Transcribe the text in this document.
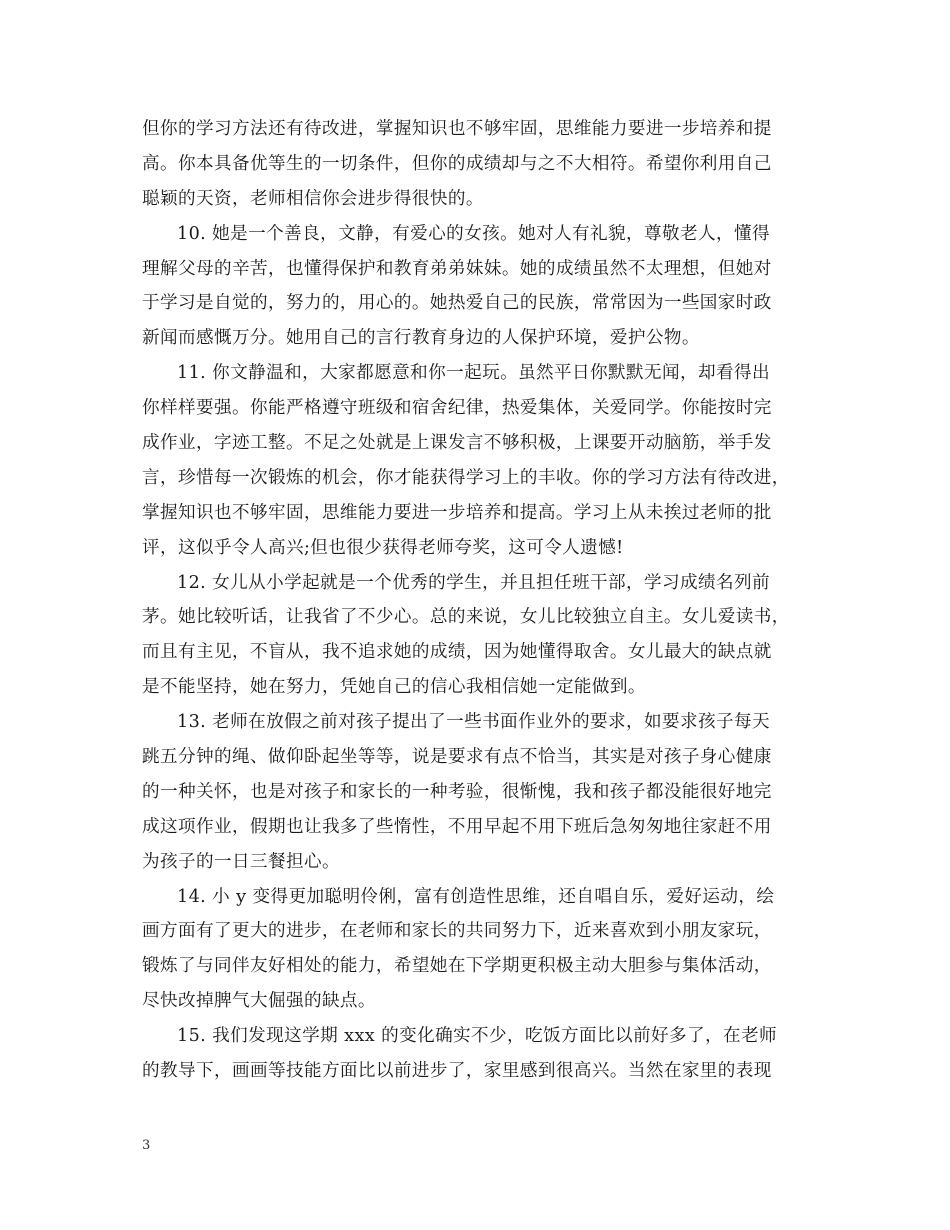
但你的学习方法还有待改进，掌握知识也不够牢固，思维能力要进一步培养和提
高。你本具备优等生的一切条件，但你的成绩却与之不大相符。希望你利用自己
聪颖的天资，老师相信你会进步得很快的。

10. 她是一个善良，文静，有爱心的女孩。她对人有礼貌，尊敬老人，懂得
理解父母的辛苦，也懂得保护和教育弟弟妹妹。她的成绩虽然不太理想，但她对
于学习是自觉的，努力的，用心的。她热爱自己的民族，常常因为一些国家时政
新闻而感慨万分。她用自己的言行教育身边的人保护环境，爱护公物。

11. 你文静温和，大家都愿意和你一起玩。虽然平日你默默无闻，却看得出
你样样要强。你能严格遵守班级和宿舍纪律，热爱集体，关爱同学。你能按时完
成作业，字迹工整。不足之处就是上课发言不够积极，上课要开动脑筋，举手发
言，珍惜每一次锻炼的机会，你才能获得学习上的丰收。你的学习方法有待改进，
掌握知识也不够牢固，思维能力要进一步培养和提高。学习上从未挨过老师的批
评，这似乎令人高兴;但也很少获得老师夸奖，这可令人遗憾!

12. 女儿从小学起就是一个优秀的学生，并且担任班干部，学习成绩名列前
茅。她比较听话，让我省了不少心。总的来说，女儿比较独立自主。女儿爱读书，
而且有主见，不盲从，我不追求她的成绩，因为她懂得取舍。女儿最大的缺点就
是不能坚持，她在努力，凭她自己的信心我相信她一定能做到。

13. 老师在放假之前对孩子提出了一些书面作业外的要求，如要求孩子每天
跳五分钟的绳、做仰卧起坐等等，说是要求有点不恰当，其实是对孩子身心健康
的一种关怀，也是对孩子和家长的一种考验，很惭愧，我和孩子都没能很好地完
成这项作业，假期也让我多了些惰性，不用早起不用下班后急匆匆地往家赶不用
为孩子的一日三餐担心。

14. 小 y 变得更加聪明伶俐，富有创造性思维，还自唱自乐，爱好运动，绘
画方面有了更大的进步，在老师和家长的共同努力下，近来喜欢到小朋友家玩，
锻炼了与同伴友好相处的能力，希望她在下学期更积极主动大胆参与集体活动，
尽快改掉脾气大倔强的缺点。

15. 我们发现这学期 xxx 的变化确实不少，吃饭方面比以前好多了，在老师
的教导下，画画等技能方面比以前进步了，家里感到很高兴。当然在家里的表现

3
